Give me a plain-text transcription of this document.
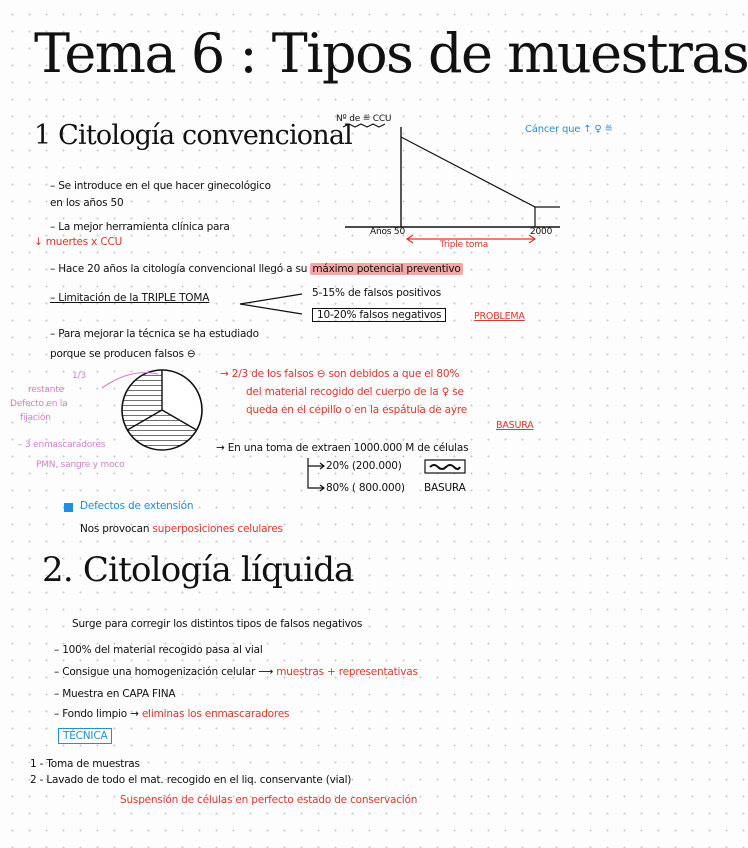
Tema 6 : Tipos de muestras
1 Citología convencional
Nº de ≝ CCU
Años 50	2000
Triple toma
Cáncer que ↑ ♀ ≝
– Se introduce en el que hacer ginecológico
en los años 50
– La mejor herramienta clínica para
↓ muertes x CCU
– Hace 20 años la citología convencional llegó a su máximo potencial preventivo
– Limitación de la TRIPLE TOMA	5-15% de falsos positivos
10-20% falsos negativos	PROBLEMA
– Para mejorar la técnica se ha estudiado
porque se producen falsos ⊖
1/3
restante
Defecto en la
fijación
– 3 enmascaradores
PMN, sangre y moco
→ 2/3 de los falsos ⊖ son debidos a que el 80%
del material recogido del cuerpo de la ♀ se
queda en el cepillo o en la espátula de ayre
BASURA
→ En una toma de extraen 1000.000 M de células
20% (200.000)
80% ( 800.000) BASURA
Defectos de extensión
Nos provocan superposiciones celulares
2. Citología líquida
Surge para corregir los distintos tipos de falsos negativos
– 100% del material recogido pasa al vial
– Consigue una homogenización celular ⟶ muestras + representativas
– Muestra en CAPA FINA
– Fondo limpio → eliminas los enmascaradores
TÉCNICA
1 - Toma de muestras
2 - Lavado de todo el mat. recogido en el liq. conservante (vial)
Suspensión de células en perfecto estado de conservación
